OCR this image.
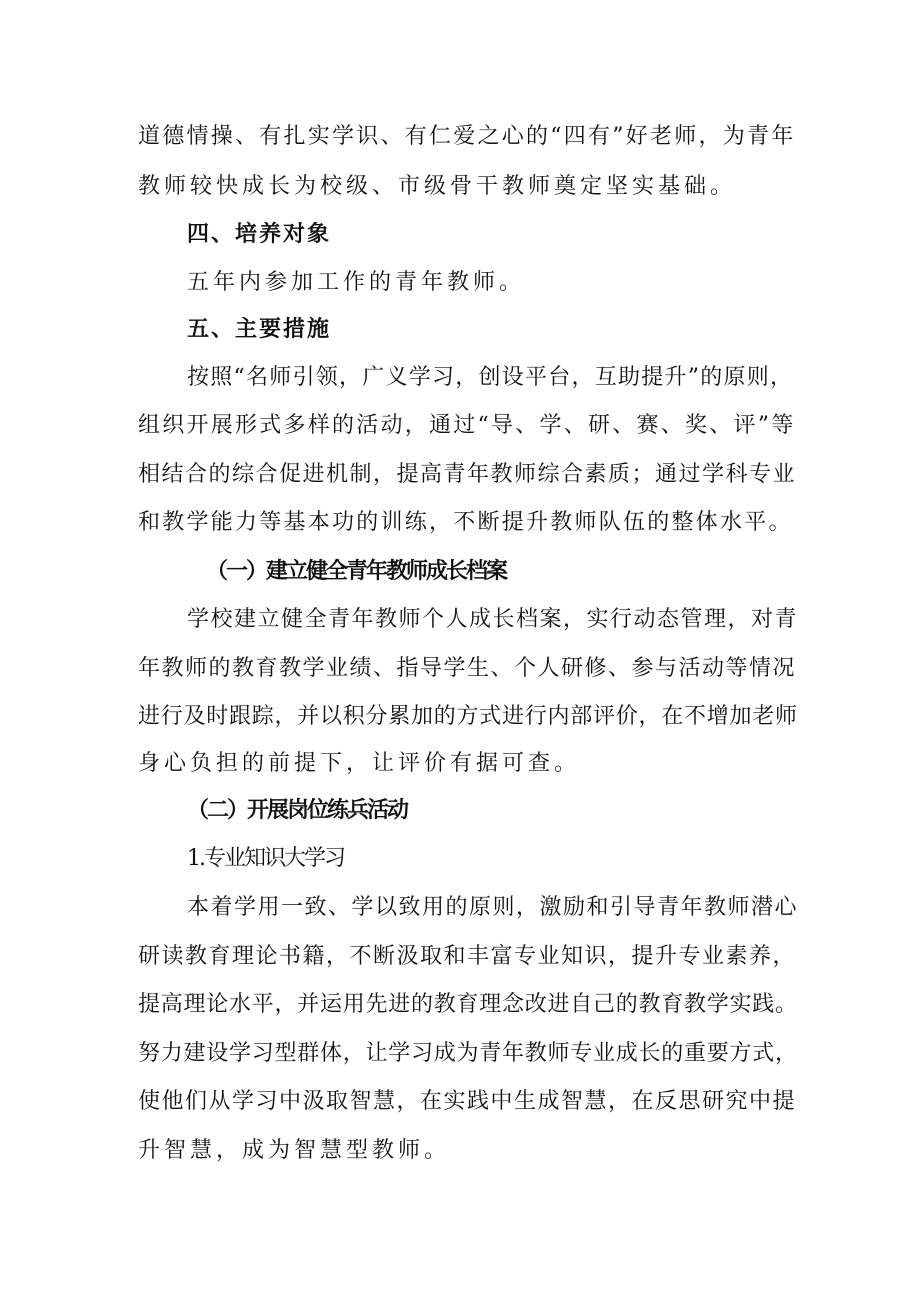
道德情操、有扎实学识、有仁爱之心的“四有”好老师，为青年
教师较快成长为校级、市级骨干教师奠定坚实基础。
四、培养对象
五年内参加工作的青年教师。
五、主要措施
按照“名师引领，广义学习，创设平台，互助提升”的原则，
组织开展形式多样的活动，通过“导、学、研、赛、奖、评”等
相结合的综合促进机制，提高青年教师综合素质；通过学科专业
和教学能力等基本功的训练，不断提升教师队伍的整体水平。
（一）建立健全青年教师成长档案
学校建立健全青年教师个人成长档案，实行动态管理，对青
年教师的教育教学业绩、指导学生、个人研修、参与活动等情况
进行及时跟踪，并以积分累加的方式进行内部评价，在不增加老师
身心负担的前提下，让评价有据可查。
（二）开展岗位练兵活动
1.专业知识大学习
本着学用一致、学以致用的原则，激励和引导青年教师潜心
研读教育理论书籍，不断汲取和丰富专业知识，提升专业素养，
提高理论水平，并运用先进的教育理念改进自己的教育教学实践。
努力建设学习型群体，让学习成为青年教师专业成长的重要方式，
使他们从学习中汲取智慧，在实践中生成智慧，在反思研究中提
升智慧，成为智慧型教师。
